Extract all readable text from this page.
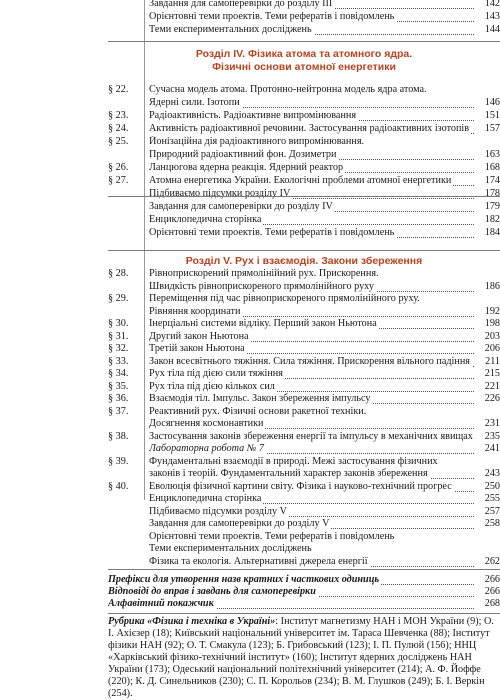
Завдання для самоперевірки до розділу ІІІ	142
Орієнтовні теми проектів. Теми рефератів і повідомлень	143
Теми експериментальних досліджень	144
Розділ IV. Фізика атома та атомного ядра.
Фізичні основи атомної енергетики
§ 22. Сучасна модель атома. Протонно-нейтронна модель ядра атома.
Ядерні сили. Ізотопи	146
§ 23. Радіоактивність. Радіоактивне випромінювання	151
§ 24. Активність радіоактивної речовини. Застосування радіоактивних ізотопів	157
§ 25. Йонізаційна дія радіоактивного випромінювання.
Природний радіоактивний фон. Дозиметри	163
§ 26. Ланцюгова ядерна реакція. Ядерний реактор	168
§ 27. Атомна енергетика України. Екологічні проблеми атомної енергетики	174
Підбиваємо підсумки розділу IV	178
Завдання для самоперевірки до розділу IV	179
Енциклопедична сторінка	182
Орієнтовні теми проектів. Теми рефератів і повідомлень	184
Розділ V. Рух і взаємодія. Закони збереження
§ 28. Рівноприскорений прямолінійний рух. Прискорення.
Швидкість рівноприскореного прямолінійного руху	186
§ 29. Переміщення під час рівноприскореного прямолінійного руху.
Рівняння координати	192
§ 30. Інерціальні системи відліку. Перший закон Ньютона	198
§ 31. Другий закон Ньютона	203
§ 32. Третій закон Ньютона	206
§ 33. Закон всесвітнього тяжіння. Сила тяжіння. Прискорення вільного падіння	211
§ 34. Рух тіла під дією сили тяжіння	215
§ 35. Рух тіла під дією кількох сил	221
§ 36. Взаємодія тіл. Імпульс. Закон збереження імпульсу	226
§ 37. Реактивний рух. Фізичні основи ракетної техніки.
Досягнення космонавтики	231
§ 38. Застосування законів збереження енергії та імпульсу в механічних явищах	235
Лабораторна робота № 7	241
§ 39. Фундаментальні взаємодії в природі. Межі застосування фізичних
законів і теорій. Фундаментальний характер законів збереження	243
§ 40. Еволюція фізичної картини світу. Фізика і науково-технічний прогрес	250
Енциклопедична сторінка	255
Підбиваємо підсумки розділу V	257
Завдання для самоперевірки до розділу V	258
Орієнтовні теми проектів. Теми рефератів і повідомлень
Теми експериментальних досліджень
Фізика та екологія. Альтернативні джерела енергії	262
Префікси для утворення назв кратних і часткових одиниць	266
Відповіді до вправ і завдань для самоперевірки	266
Алфавітний покажчик	268
Рубрика «Фізика і техніка в Україні»: Інститут магнетизму НАН і МОН України (9); О. І. Ахієзер (18); Київський національний університет ім. Тараса Шевченка (88); Інститут фізики НАН (92); О. Т. Смакула (123); Б. Грибовський (123); І. П. Пулюй (156); ННЦ «Харківський фізико-технічний інститут» (160); Інститут ядерних досліджень НАН України (173); Одеський національний політехнічний університет (214); А. Ф. Йоффе (220); К. Д. Синельников (230); С. П. Корольов (234); В. М. Глушков (249); Б. І. Веркін (254).
